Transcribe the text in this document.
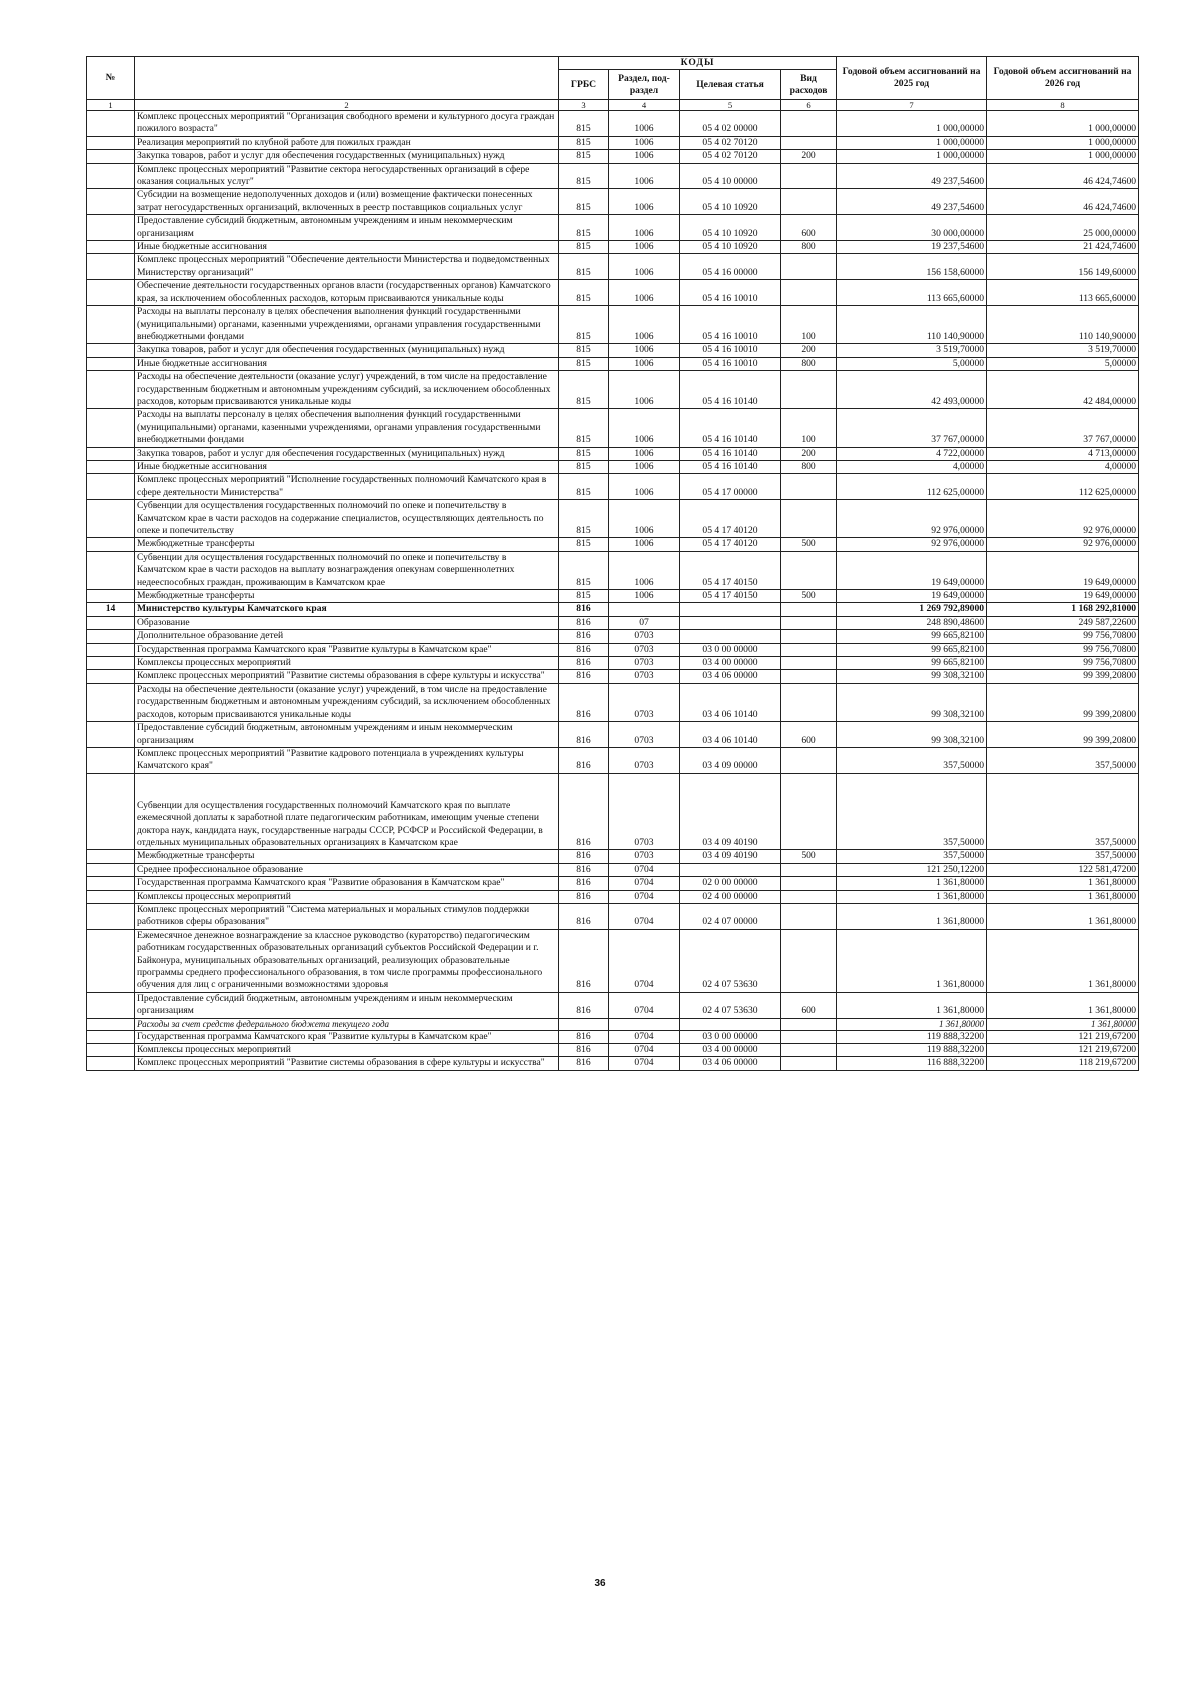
№		КОДЫ				Годовой объем ассигнований на 2025 год	Годовой объем ассигнований на 2026 год
		ГРБС	Раздел, под-раздел	Целевая статья	Вид расходов		
1	2	3	4	5	6	7	8
	Комплекс процессных мероприятий "Организация свободного времени и культурного досуга граждан пожилого возраста"	815	1006	05 4 02 00000		1 000,00000	1 000,00000
	Реализация мероприятий по клубной работе для пожилых граждан	815	1006	05 4 02 70120		1 000,00000	1 000,00000
	Закупка товаров, работ и услуг для обеспечения государственных (муниципальных) нужд	815	1006	05 4 02 70120	200	1 000,00000	1 000,00000
	Комплекс процессных мероприятий "Развитие сектора негосударственных организаций в сфере оказания социальных услуг"	815	1006	05 4 10 00000		49 237,54600	46 424,74600
	Субсидии на возмещение недополученных доходов и (или) возмещение фактически понесенных затрат негосударственных организаций, включенных в реестр поставщиков социальных услуг	815	1006	05 4 10 10920		49 237,54600	46 424,74600
	Предоставление субсидий бюджетным, автономным учреждениям и иным некоммерческим организациям	815	1006	05 4 10 10920	600	30 000,00000	25 000,00000
	Иные бюджетные ассигнования	815	1006	05 4 10 10920	800	19 237,54600	21 424,74600
	Комплекс процессных мероприятий "Обеспечение деятельности Министерства и подведомственных Министерству организаций"	815	1006	05 4 16 00000		156 158,60000	156 149,60000
	Обеспечение деятельности государственных органов власти (государственных органов) Камчатского края, за исключением обособленных расходов, которым присваиваются уникальные коды	815	1006	05 4 16 10010		113 665,60000	113 665,60000
	Расходы на выплаты персоналу в целях обеспечения выполнения функций государственными (муниципальными) органами, казенными учреждениями, органами управления государственными внебюджетными фондами	815	1006	05 4 16 10010	100	110 140,90000	110 140,90000
	Закупка товаров, работ и услуг для обеспечения государственных (муниципальных) нужд	815	1006	05 4 16 10010	200	3 519,70000	3 519,70000
	Иные бюджетные ассигнования	815	1006	05 4 16 10010	800	5,00000	5,00000
	Расходы на обеспечение деятельности (оказание услуг) учреждений, в том числе на предоставление государственным бюджетным и автономным учреждениям субсидий, за исключением обособленных расходов, которым присваиваются уникальные коды	815	1006	05 4 16 10140		42 493,00000	42 484,00000
	Расходы на выплаты персоналу в целях обеспечения выполнения функций государственными (муниципальными) органами, казенными учреждениями, органами управления государственными внебюджетными фондами	815	1006	05 4 16 10140	100	37 767,00000	37 767,00000
	Закупка товаров, работ и услуг для обеспечения государственных (муниципальных) нужд	815	1006	05 4 16 10140	200	4 722,00000	4 713,00000
	Иные бюджетные ассигнования	815	1006	05 4 16 10140	800	4,00000	4,00000
	Комплекс процессных мероприятий "Исполнение государственных полномочий Камчатского края в сфере деятельности Министерства"	815	1006	05 4 17 00000		112 625,00000	112 625,00000
	Субвенции для осуществления государственных полномочий по опеке и попечительству в Камчатском крае в части расходов на содержание специалистов, осуществляющих деятельность по опеке и попечительству	815	1006	05 4 17 40120		92 976,00000	92 976,00000
	Межбюджетные трансферты	815	1006	05 4 17 40120	500	92 976,00000	92 976,00000
	Субвенции для осуществления государственных полномочий по опеке и попечительству в Камчатском крае в части расходов на выплату вознаграждения опекунам совершеннолетних недееспособных граждан, проживающим в Камчатском крае	815	1006	05 4 17 40150		19 649,00000	19 649,00000
	Межбюджетные трансферты	815	1006	05 4 17 40150	500	19 649,00000	19 649,00000
14	Министерство культуры Камчатского края	816				1 269 792,89000	1 168 292,81000
	Образование	816	07			248 890,48600	249 587,22600
	Дополнительное образование детей	816	0703			99 665,82100	99 756,70800
	Государственная программа Камчатского края "Развитие культуры в Камчатском крае"	816	0703	03 0 00 00000		99 665,82100	99 756,70800
	Комплексы процессных мероприятий	816	0703	03 4 00 00000		99 665,82100	99 756,70800
	Комплекс процессных мероприятий "Развитие системы образования в сфере культуры и искусства"	816	0703	03 4 06 00000		99 308,32100	99 399,20800
	Расходы на обеспечение деятельности (оказание услуг) учреждений, в том числе на предоставление государственным бюджетным и автономным учреждениям субсидий, за исключением обособленных расходов, которым присваиваются уникальные коды	816	0703	03 4 06 10140		99 308,32100	99 399,20800
	Предоставление субсидий бюджетным, автономным учреждениям и иным некоммерческим организациям	816	0703	03 4 06 10140	600	99 308,32100	99 399,20800
	Комплекс процессных мероприятий "Развитие кадрового потенциала в учреждениях культуры Камчатского края"	816	0703	03 4 09 00000		357,50000	357,50000
	Субвенции для осуществления государственных полномочий Камчатского края по выплате ежемесячной доплаты к заработной плате педагогическим работникам, имеющим ученые степени доктора наук, кандидата наук, государственные награды СССР, РСФСР и Российской Федерации, в отдельных муниципальных образовательных организациях в Камчатском крае	816	0703	03 4 09 40190		357,50000	357,50000
	Межбюджетные трансферты	816	0703	03 4 09 40190	500	357,50000	357,50000
	Среднее профессиональное образование	816	0704			121 250,12200	122 581,47200
	Государственная программа Камчатского края "Развитие образования в Камчатском крае"	816	0704	02 0 00 00000		1 361,80000	1 361,80000
	Комплексы процессных мероприятий	816	0704	02 4 00 00000		1 361,80000	1 361,80000
	Комплекс процессных мероприятий "Система материальных и моральных стимулов поддержки работников сферы образования"	816	0704	02 4 07 00000		1 361,80000	1 361,80000
	Ежемесячное денежное вознаграждение за классное руководство (кураторство) педагогическим работникам государственных образовательных организаций субъектов Российской Федерации и г. Байконура, муниципальных образовательных организаций, реализующих образовательные программы среднего профессионального образования, в том числе программы профессионального обучения для лиц с ограниченными возможностями здоровья	816	0704	02 4 07 53630		1 361,80000	1 361,80000
	Предоставление субсидий бюджетным, автономным учреждениям и иным некоммерческим организациям	816	0704	02 4 07 53630	600	1 361,80000	1 361,80000
	Расходы за счет средств федерального бюджета текущего года					1 361,80000	1 361,80000
	Государственная программа Камчатского края "Развитие культуры в Камчатском крае"	816	0704	03 0 00 00000		119 888,32200	121 219,67200
	Комплексы процессных мероприятий	816	0704	03 4 00 00000		119 888,32200	121 219,67200
	Комплекс процессных мероприятий "Развитие системы образования в сфере культуры и искусства"	816	0704	03 4 06 00000		116 888,32200	118 219,67200
36
